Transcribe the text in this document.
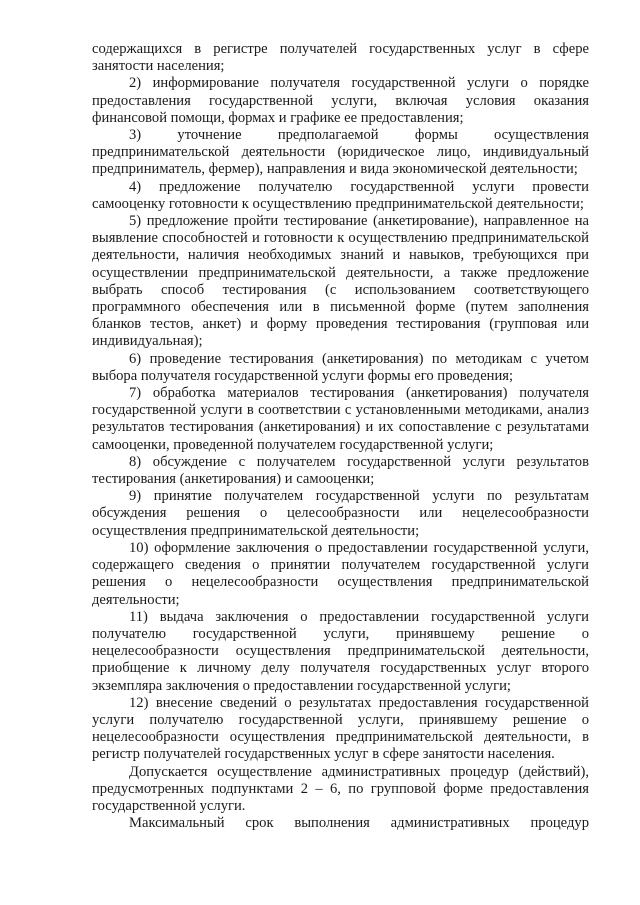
содержащихся в регистре получателей государственных услуг в сфере занятости населения;

2) информирование получателя государственной услуги о порядке предоставления государственной услуги, включая условия оказания финансовой помощи, формах и графике ее предоставления;

3) уточнение предполагаемой формы осуществления предпринимательской деятельности (юридическое лицо, индивидуальный предприниматель, фермер), направления и вида экономической деятельности;

4) предложение получателю государственной услуги провести самооценку готовности к осуществлению предпринимательской деятельности;

5) предложение пройти тестирование (анкетирование), направленное на выявление способностей и готовности к осуществлению предпринимательской деятельности, наличия необходимых знаний и навыков, требующихся при осуществлении предпринимательской деятельности, а также предложение выбрать способ тестирования (с использованием соответствующего программного обеспечения или в письменной форме (путем заполнения бланков тестов, анкет) и форму проведения тестирования (групповая или индивидуальная);

6) проведение тестирования (анкетирования) по методикам с учетом выбора получателя государственной услуги формы его проведения;

7) обработка материалов тестирования (анкетирования) получателя государственной услуги в соответствии с установленными методиками, анализ результатов тестирования (анкетирования) и их сопоставление с результатами самооценки, проведенной получателем государственной услуги;

8) обсуждение с получателем государственной услуги результатов тестирования (анкетирования) и самооценки;

9) принятие получателем государственной услуги по результатам обсуждения решения о целесообразности или нецелесообразности осуществления предпринимательской деятельности;

10) оформление заключения о предоставлении государственной услуги, содержащего сведения о принятии получателем государственной услуги решения о нецелесообразности осуществления предпринимательской деятельности;

11) выдача заключения о предоставлении государственной услуги получателю государственной услуги, принявшему решение о нецелесообразности осуществления предпринимательской деятельности, приобщение к личному делу получателя государственных услуг второго экземпляра заключения о предоставлении государственной услуги;

12) внесение сведений о результатах предоставления государственной услуги получателю государственной услуги, принявшему решение о нецелесообразности осуществления предпринимательской деятельности, в регистр получателей государственных услуг в сфере занятости населения.

Допускается осуществление административных процедур (действий), предусмотренных подпунктами 2 – 6, по групповой форме предоставления государственной услуги.

Максимальный срок выполнения административных процедур
